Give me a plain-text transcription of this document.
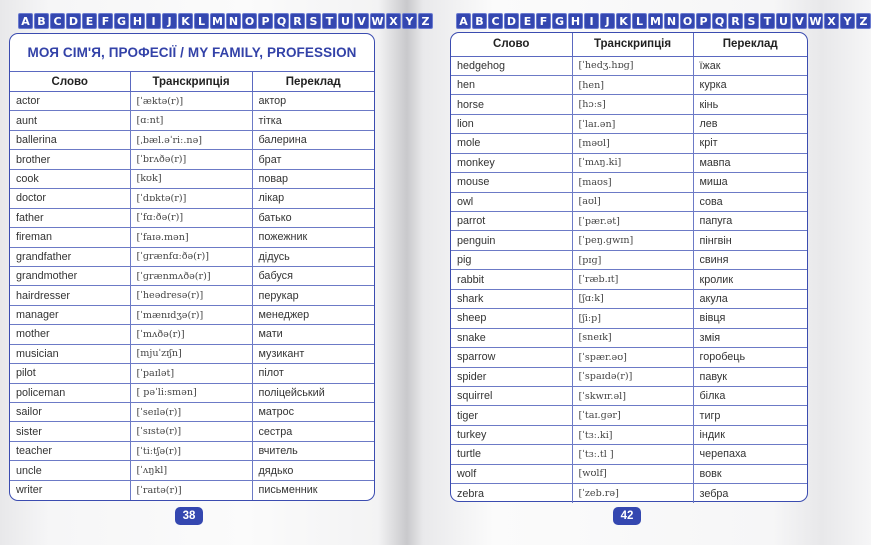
A B C D E F G H I	J K L M N O P Q R S T U V W X Y Z
МОЯ СІМ'Я, ПРОФЕСІЇ / MY FAMILY, PROFESSION
Слово	Транскрипція	Переклад
actor	[ˈæktə(r)]	актор
aunt	[ɑːnt]	тітка
ballerina	[ˌbæl.əˈriː.nə]	балерина
brother	[ˈbrʌðə(r)]	брат
cook	[kʊk]	повар
doctor	[ˈdɒktə(r)]	лікар
father	[ˈfɑːðə(r)]	батько
fireman	[ˈfaɪə.mən]	пожежник
grandfather	[ˈɡrænfɑːðə(r)]	дідусь
grandmother	[ˈɡrænmʌðə(r)]	бабуся
hairdresser	[ˈheədresə(r)]	перукар
manager	[ˈmænɪdʒə(r)]	менеджер
mother	[ˈmʌðə(r)]	мати
musician	[mjuˈzɪʃn]	музикант
pilot	[ˈpaɪlət]	пілот
policeman	[ pəˈliːsmən]	поліцейський
sailor	[ˈseɪlə(r)]	матрос
sister	[ˈsɪstə(r)]	сестра
teacher	[ˈtiːtʃə(r)]	вчитель
uncle	[ˈʌŋkl]	дядько
writer	[ˈraɪtə(r)]	письменник
38
A B C D E F G H I	J K L M N O P Q R S T U V W X Y Z
Слово	Транскрипція	Переклад
hedgehog	[ˈhedʒ.hɒɡ]	їжак
hen	[hen]	курка
horse	[hɔːs]	кінь
lion	[ˈlaɪ.ən]	лев
mole	[məʊl]	кріт
monkey	[ˈmʌŋ.ki]	мавпа
mouse	[maʊs]	миша
owl	[aʊl]	сова
parrot	[ˈpær.ət]	папуга
penguin	[ˈpeŋ.ɡwɪn]	пінгвін
pig	[pɪɡ]	свиня
rabbit	[ˈræb.ɪt]	кролик
shark	[ʃɑːk]	акула
sheep	[ʃiːp]	вівця
snake	[sneɪk]	змія
sparrow	[ˈspær.əʊ]	горобець
spider	[ˈspaɪdə(r)]	павук
squirrel	[ˈskwɪr.əl]	білка
tiger	[ˈtaɪ.ɡər]	тигр
turkey	[ˈtɜː.ki]	індик
turtle	[ˈtɜː.tl ]	черепаха
wolf	[wʊlf]	вовк
zebra	[ˈzeb.rə]	зебра
42
